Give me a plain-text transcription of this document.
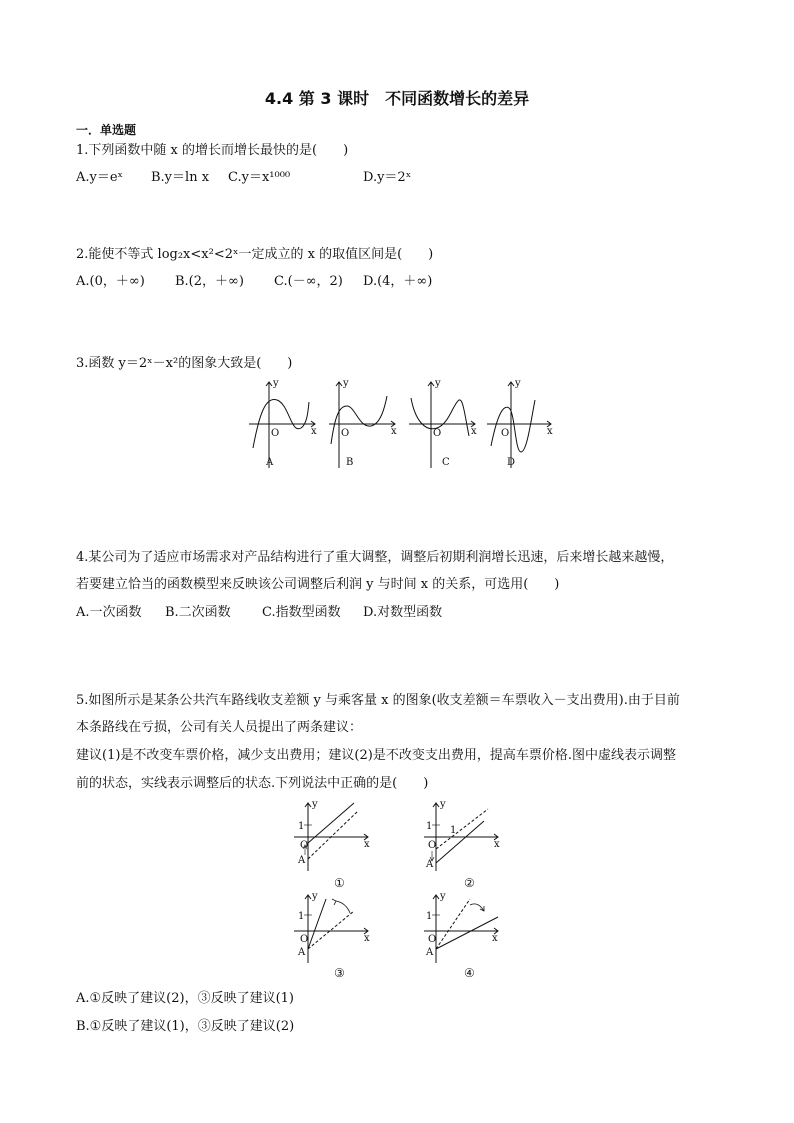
4.4 第 3 课时　不同函数增长的差异
一．单选题
1.下列函数中随 x 的增长而增长最快的是(　　)
A.y＝eˣ B.y＝ln x C.y＝x¹⁰⁰⁰	D.y＝2ˣ
2.能使不等式 log₂x<x²<2ˣ一定成立的 x 的取值区间是(　　)
A.(0，＋∞) B.(2，＋∞) C.(－∞，2) D.(4，＋∞)
3.函数 y＝2ˣ－x²的图象大致是(　　)
y
x
O
A
y
x
O
B
y
x
O
C
y
x
O
D
4.某公司为了适应市场需求对产品结构进行了重大调整，调整后初期利润增长迅速，后来增长越来越慢，
若要建立恰当的函数模型来反映该公司调整后利润 y 与时间 x 的关系，可选用(　　)
A.一次函数 B.二次函数 C.指数型函数 D.对数型函数
5.如图所示是某条公共汽车路线收支差额 y 与乘客量 x 的图象(收支差额＝车票收入－支出费用).由于目前
本条路线在亏损，公司有关人员提出了两条建议：
建议(1)是不改变车票价格，减少支出费用；建议(2)是不改变支出费用，提高车票价格.图中虚线表示调整
前的状态，实线表示调整后的状态.下列说法中正确的是(　　)
y
x
1
O
A
①
y
x
1 1
O
A
②
y
x
1
O
A
③
y
x
1
O
A
④
A.①反映了建议(2)，③反映了建议(1)
B.①反映了建议(1)，③反映了建议(2)
